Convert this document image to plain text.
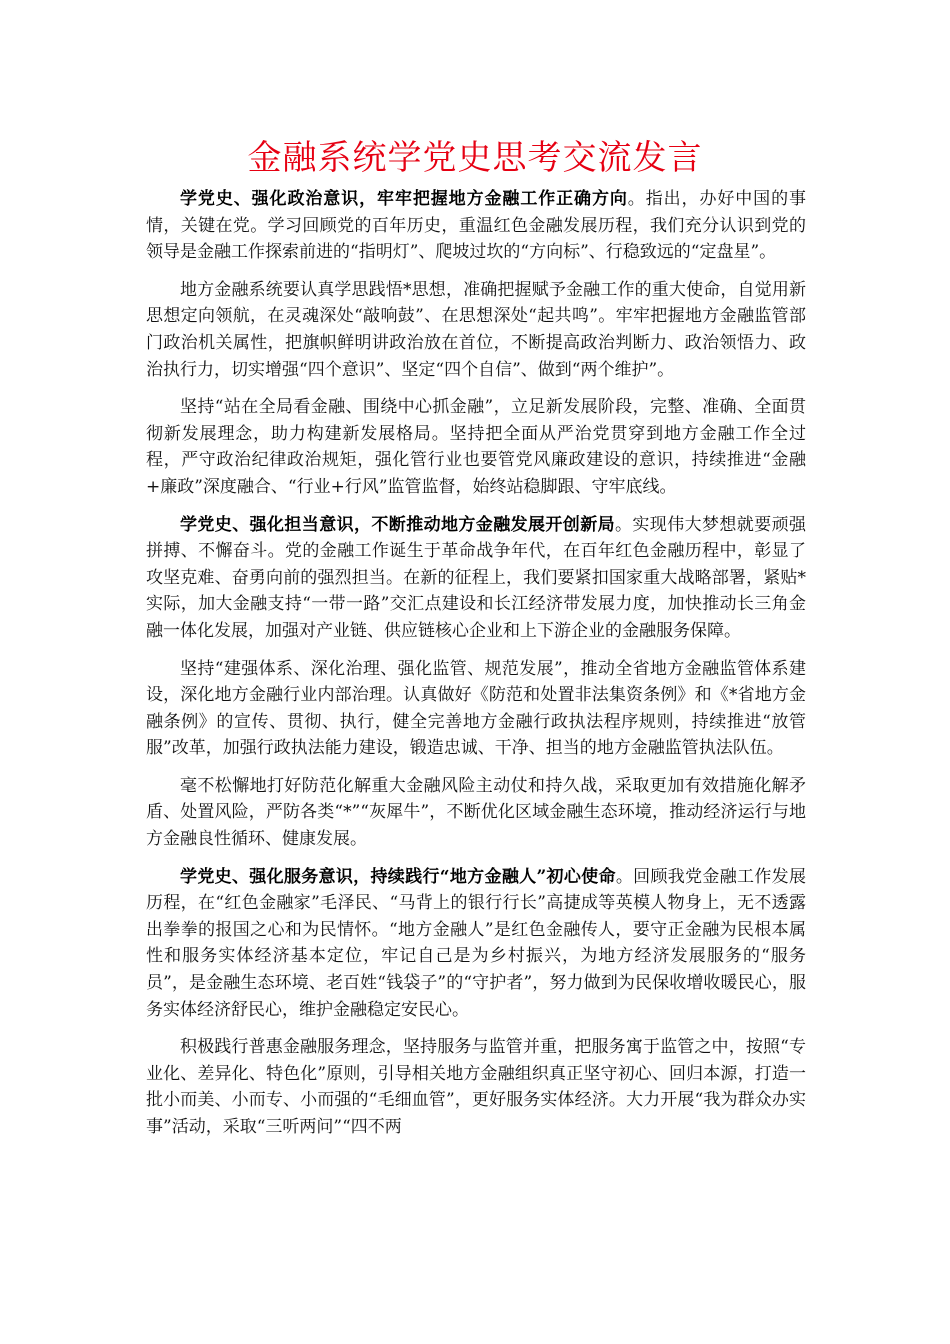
金融系统学党史思考交流发言

学党史、强化政治意识，牢牢把握地方金融工作正确方向。指出，办好中国的事情，关键在党。学习回顾党的百年历史，重温红色金融发展历程，我们充分认识到党的领导是金融工作探索前进的“指明灯”、爬坡过坎的“方向标”、行稳致远的“定盘星”。

地方金融系统要认真学思践悟*思想，准确把握赋予金融工作的重大使命，自觉用新思想定向领航，在灵魂深处“敲响鼓”、在思想深处“起共鸣”。牢牢把握地方金融监管部门政治机关属性，把旗帜鲜明讲政治放在首位，不断提高政治判断力、政治领悟力、政治执行力，切实增强“四个意识”、坚定“四个自信”、做到“两个维护”。

坚持“站在全局看金融、围绕中心抓金融”，立足新发展阶段，完整、准确、全面贯彻新发展理念，助力构建新发展格局。坚持把全面从严治党贯穿到地方金融工作全过程，严守政治纪律政治规矩，强化管行业也要管党风廉政建设的意识，持续推进“金融+廉政”深度融合、“行业+行风”监管监督，始终站稳脚跟、守牢底线。

学党史、强化担当意识，不断推动地方金融发展开创新局。实现伟大梦想就要顽强拼搏、不懈奋斗。党的金融工作诞生于革命战争年代，在百年红色金融历程中，彰显了攻坚克难、奋勇向前的强烈担当。在新的征程上，我们要紧扣国家重大战略部署，紧贴*实际，加大金融支持“一带一路”交汇点建设和长江经济带发展力度，加快推动长三角金融一体化发展，加强对产业链、供应链核心企业和上下游企业的金融服务保障。

坚持“建强体系、深化治理、强化监管、规范发展”，推动全省地方金融监管体系建设，深化地方金融行业内部治理。认真做好《防范和处置非法集资条例》和《*省地方金融条例》的宣传、贯彻、执行，健全完善地方金融行政执法程序规则，持续推进“放管服”改革，加强行政执法能力建设，锻造忠诚、干净、担当的地方金融监管执法队伍。

毫不松懈地打好防范化解重大金融风险主动仗和持久战，采取更加有效措施化解矛盾、处置风险，严防各类“*”“灰犀牛”，不断优化区域金融生态环境，推动经济运行与地方金融良性循环、健康发展。

学党史、强化服务意识，持续践行“地方金融人”初心使命。回顾我党金融工作发展历程，在“红色金融家”毛泽民、“马背上的银行行长”高捷成等英模人物身上，无不透露出拳拳的报国之心和为民情怀。“地方金融人”是红色金融传人，要守正金融为民根本属性和服务实体经济基本定位，牢记自己是为乡村振兴，为地方经济发展服务的“服务员”，是金融生态环境、老百姓“钱袋子”的“守护者”，努力做到为民保收增收暖民心，服务实体经济舒民心，维护金融稳定安民心。

积极践行普惠金融服务理念，坚持服务与监管并重，把服务寓于监管之中，按照“专业化、差异化、特色化”原则，引导相关地方金融组织真正坚守初心、回归本源，打造一批小而美、小而专、小而强的“毛细血管”，更好服务实体经济。大力开展“我为群众办实事”活动，采取“三听两问”“四不两
